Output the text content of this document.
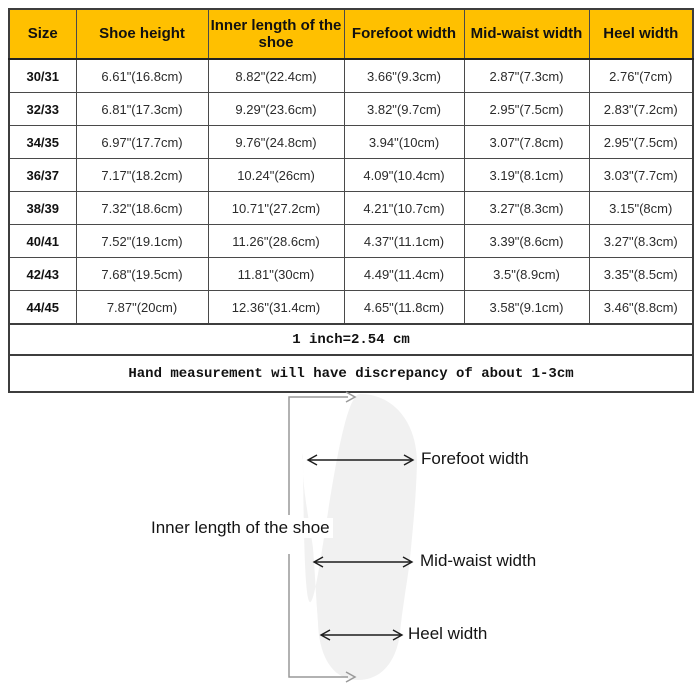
Size	Shoe height	Inner length of the shoe	Forefoot width	Mid-waist width	Heel width
30/31	6.61"(16.8cm)	8.82"(22.4cm)	3.66"(9.3cm)	2.87"(7.3cm)	2.76"(7cm)
32/33	6.81"(17.3cm)	9.29"(23.6cm)	3.82"(9.7cm)	2.95"(7.5cm)	2.83"(7.2cm)
34/35	6.97"(17.7cm)	9.76"(24.8cm)	3.94"(10cm)	3.07"(7.8cm)	2.95"(7.5cm)
36/37	7.17"(18.2cm)	10.24"(26cm)	4.09"(10.4cm)	3.19"(8.1cm)	3.03"(7.7cm)
38/39	7.32"(18.6cm)	10.71"(27.2cm)	4.21"(10.7cm)	3.27"(8.3cm)	3.15"(8cm)
40/41	7.52"(19.1cm)	11.26"(28.6cm)	4.37"(11.1cm)	3.39"(8.6cm)	3.27"(8.3cm)
42/43	7.68"(19.5cm)	11.81"(30cm)	4.49"(11.4cm)	3.5"(8.9cm)	3.35"(8.5cm)
44/45	7.87"(20cm)	12.36"(31.4cm)	4.65"(11.8cm)	3.58"(9.1cm)	3.46"(8.8cm)
1 inch=2.54 cm					
Hand measurement will have discrepancy of about 1-3cm					
Forefoot width
Mid-waist width
Heel width
Inner length of the shoe
